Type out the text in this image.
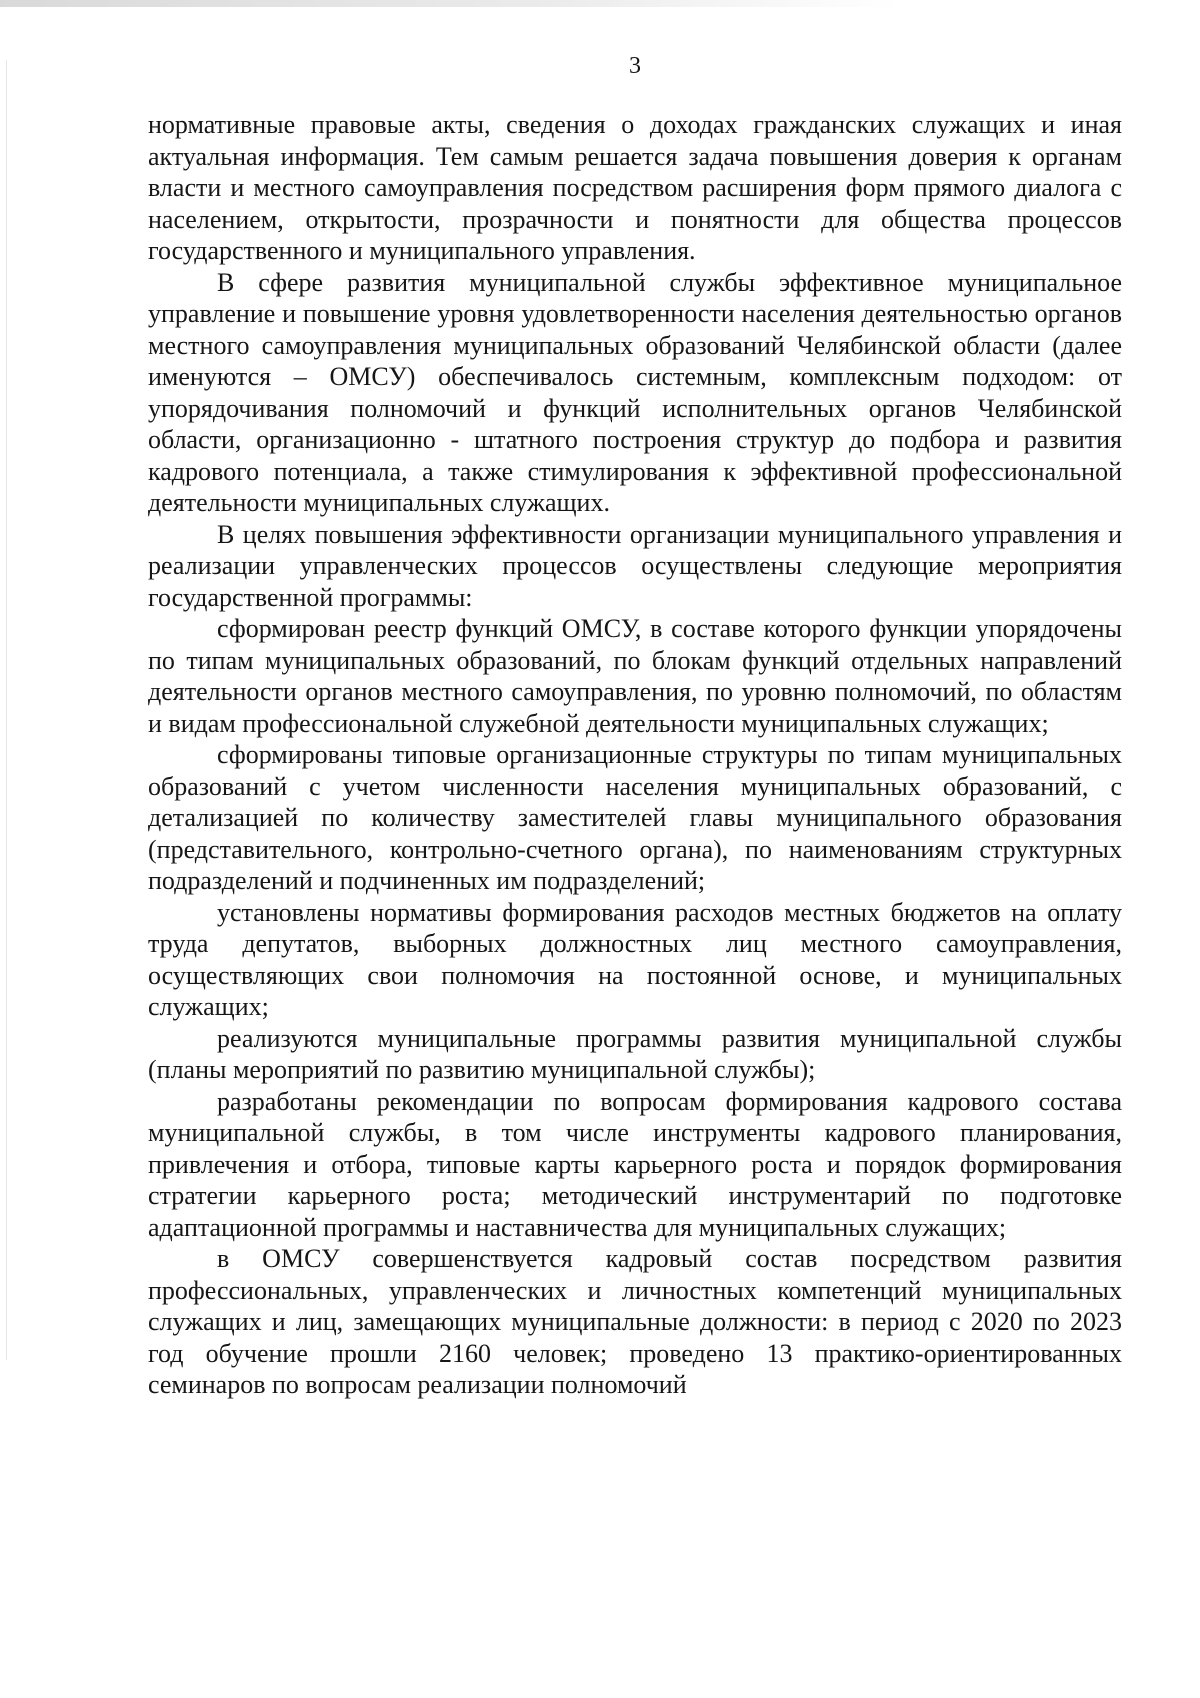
3

нормативные правовые акты, сведения о доходах гражданских служащих и иная актуальная информация. Тем самым решается задача повышения доверия к органам власти и местного самоуправления посредством расширения форм прямого диалога с населением, открытости, прозрачности и понятности для общества процессов государственного и муниципального управления.

В сфере развития муниципальной службы эффективное муниципальное управление и повышение уровня удовлетворенности населения деятельностью органов местного самоуправления муниципальных образований Челябинской области (далее именуются – ОМСУ) обеспечивалось системным, комплексным подходом: от упорядочивания полномочий и функций исполнительных органов Челябинской области, организационно - штатного построения структур до подбора и развития кадрового потенциала, а также стимулирования к эффективной профессиональной деятельности муниципальных служащих.

В целях повышения эффективности организации муниципального управления и реализации управленческих процессов осуществлены следующие мероприятия государственной программы:

сформирован реестр функций ОМСУ, в составе которого функции упорядочены по типам муниципальных образований, по блокам функций отдельных направлений деятельности органов местного самоуправления, по уровню полномочий, по областям и видам профессиональной служебной деятельности муниципальных служащих;

сформированы типовые организационные структуры по типам муниципальных образований с учетом численности населения муниципальных образований, с детализацией по количеству заместителей главы муниципального образования (представительного, контрольно-счетного органа), по наименованиям структурных подразделений и подчиненных им подразделений;

установлены нормативы формирования расходов местных бюджетов на оплату труда депутатов, выборных должностных лиц местного самоуправления, осуществляющих свои полномочия на постоянной основе, и муниципальных служащих;

реализуются муниципальные программы развития муниципальной службы (планы мероприятий по развитию муниципальной службы);

разработаны рекомендации по вопросам формирования кадрового состава муниципальной службы, в том числе инструменты кадрового планирования, привлечения и отбора, типовые карты карьерного роста и порядок формирования стратегии карьерного роста; методический инструментарий по подготовке адаптационной программы и наставничества для муниципальных служащих;

в ОМСУ совершенствуется кадровый состав посредством развития профессиональных, управленческих и личностных компетенций муниципальных служащих и лиц, замещающих муниципальные должности: в период с 2020 по 2023 год обучение прошли 2160 человек; проведено 13 практико-ориентированных семинаров по вопросам реализации полномочий
